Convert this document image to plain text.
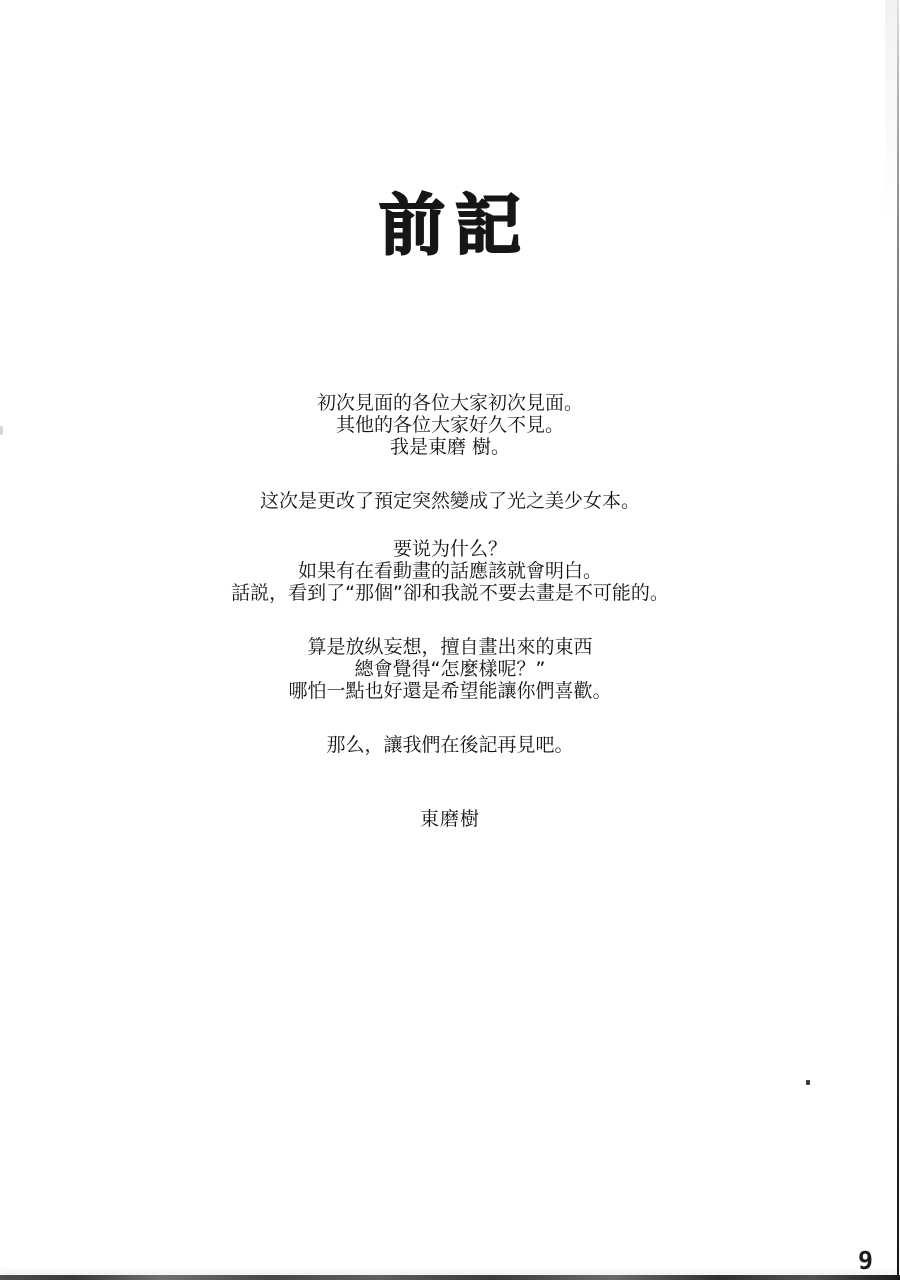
前記
初次見面的各位大家初次見面。
其他的各位大家好久不見。
我是東磨 樹。
这次是更改了預定突然變成了光之美少女本。
要说为什么？
如果有在看動畫的話應該就會明白。
話説，看到了“那個”卻和我説不要去畫是不可能的。
算是放纵妄想，擅自畫出來的東西
總會覺得“怎麼樣呢？”
哪怕一點也好還是希望能讓你們喜歡。
那么，讓我們在後記再見吧。
東磨樹
9
